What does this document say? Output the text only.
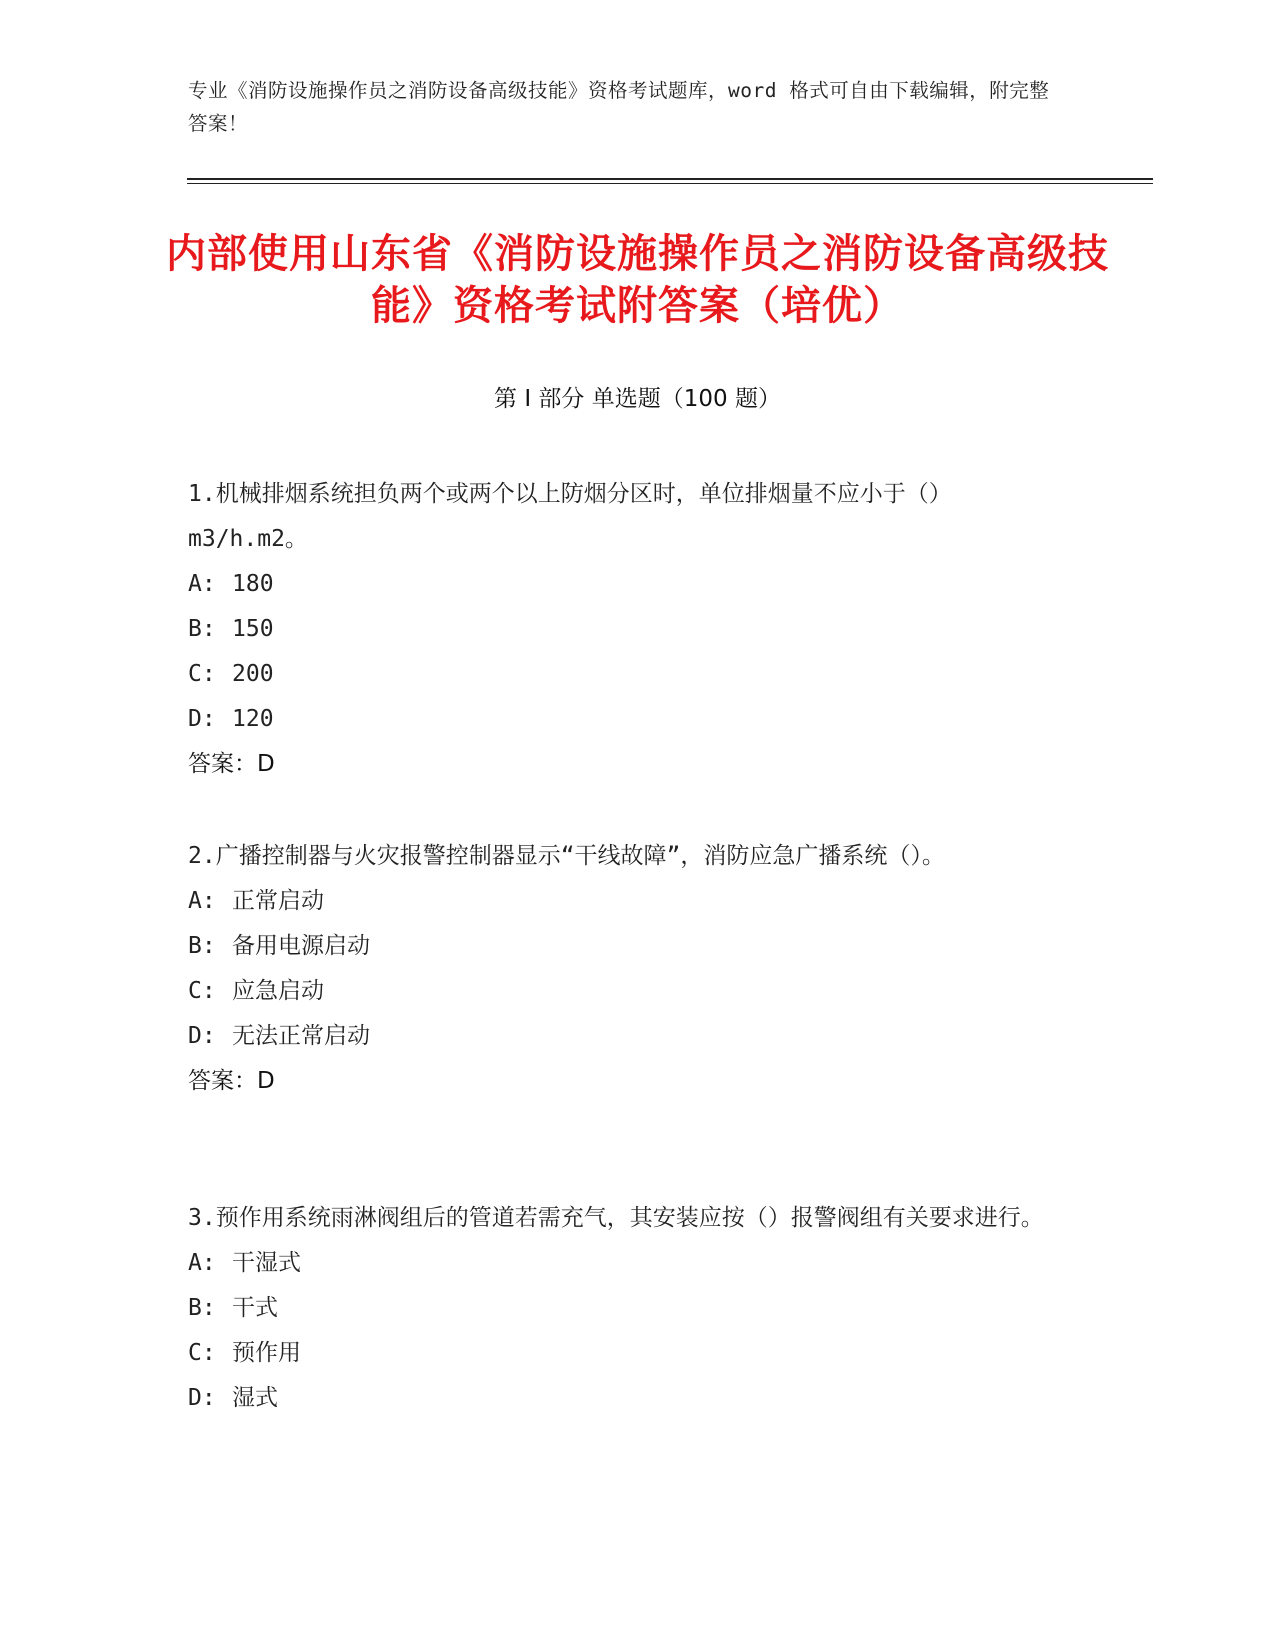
专业《消防设施操作员之消防设备高级技能》资格考试题库，word 格式可自由下载编辑，附完整答案！
内部使用山东省《消防设施操作员之消防设备高级技能》资格考试附答案（培优）
第 I 部分 单选题（100 题）

1.机械排烟系统担负两个或两个以上防烟分区时，单位排烟量不应小于（）m3/h.m2。

A: 180
B: 150
C: 200
D: 120
答案：D

2.广播控制器与火灾报警控制器显示“干线故障”，消防应急广播系统（）。

A: 正常启动
B: 备用电源启动
C: 应急启动
D: 无法正常启动
答案：D

3.预作用系统雨淋阀组后的管道若需充气，其安装应按（）报警阀组有关要求进行。

A: 干湿式
B: 干式
C: 预作用
D: 湿式
